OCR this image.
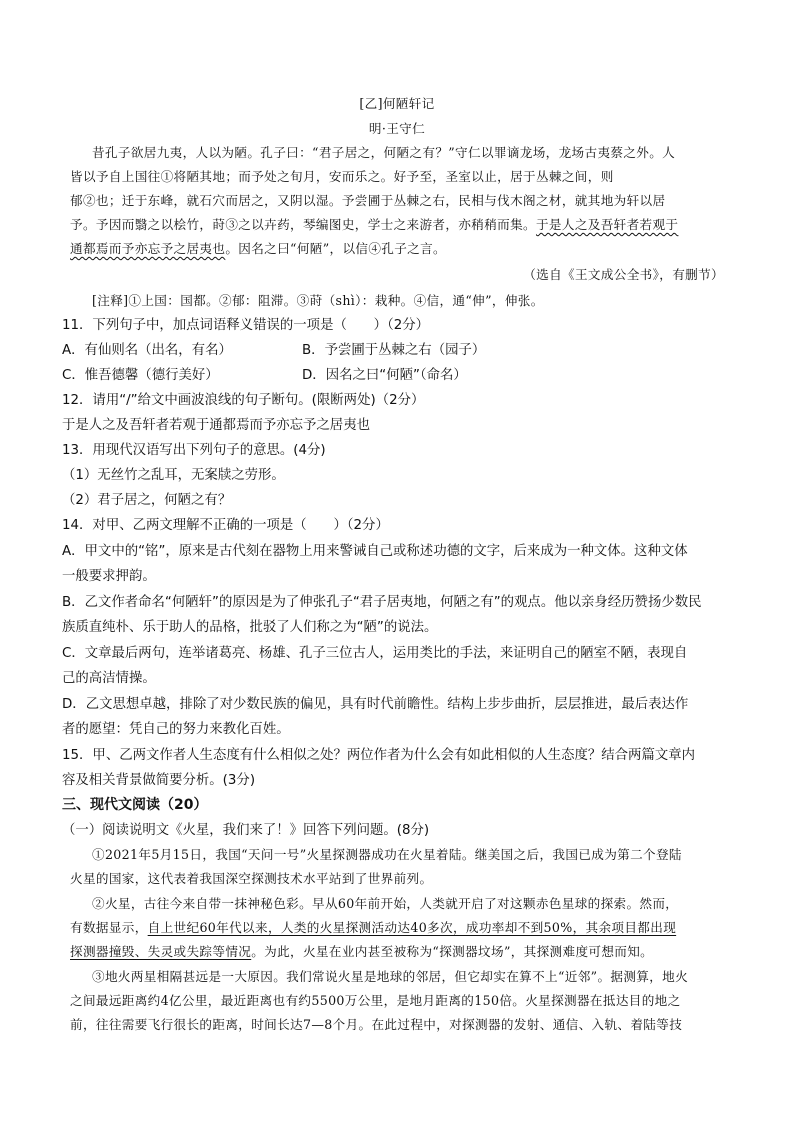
[乙]何陋轩记
明·王守仁
昔孔子欲居九夷，人以为陋。孔子曰：“君子居之，何陋之有？”守仁以罪谪龙场，龙场古夷蔡之外。人
皆以予自上国往①将陋其地；而予处之旬月，安而乐之。好予至，圣室以止，居于丛棘之间，则
郁②也；迁于东峰，就石穴而居之，又阴以湿。予尝圃于丛棘之右，民相与伐木阁之材，就其地为轩以居
予。予因而翳之以桧竹，莳③之以卉药，琴编图史，学士之来游者，亦稍稍而集。于是人之及吾轩者若观于
通都焉而予亦忘予之居夷也。因名之曰“何陋”，以信④孔子之言。
（选自《王文成公全书》，有删节）
[注释]①上国：国都。②郁：阻滞。③莳（shì）：栽种。④信，通“伸”，伸张。
11．下列句子中，加点词语释义错误的一项是（　　）（2分）
A．有仙则名（出名，有名）	B．予尝圃于丛棘之右（园子）
C．惟吾德馨（德行美好）	D．因名之曰“何陋”（命名）
12．请用“/”给文中画波浪线的句子断句。(限断两处)（2分）
于是人之及吾轩者若观于通都焉而予亦忘予之居夷也
13．用现代汉语写出下列句子的意思。(4分)
（1）无丝竹之乱耳，无案牍之劳形。
（2）君子居之，何陋之有？
14．对甲、乙两文理解不正确的一项是（　　）（2分）
A．甲文中的“铭”，原来是古代刻在器物上用来警诫自己或称述功德的文字，后来成为一种文体。这种文体
一般要求押韵。
B．乙文作者命名“何陋轩”的原因是为了伸张孔子“君子居夷地，何陋之有”的观点。他以亲身经历赞扬少数民
族质直纯朴、乐于助人的品格，批驳了人们称之为“陋”的说法。
C．文章最后两句，连举诸葛亮、杨雄、孔子三位古人，运用类比的手法，来证明自己的陋室不陋，表现自
己的高洁情操。
D．乙文思想卓越，排除了对少数民族的偏见，具有时代前瞻性。结构上步步曲折，层层推进，最后表达作
者的愿望：凭自己的努力来教化百姓。
15．甲、乙两文作者人生态度有什么相似之处？两位作者为什么会有如此相似的人生态度？结合两篇文章内
容及相关背景做简要分析。(3分)
三、现代文阅读（20）
（一）阅读说明文《火星，我们来了！》回答下列问题。(8分)
①2021年5月15日，我国“天问一号”火星探测器成功在火星着陆。继美国之后，我国已成为第二个登陆
火星的国家，这代表着我国深空探测技术水平站到了世界前列。
②火星，古往今来自带一抹神秘色彩。早从60年前开始，人类就开启了对这颗赤色星球的探索。然而，
有数据显示，自上世纪60年代以来，人类的火星探测活动达40多次，成功率却不到50%，其余项目都出现
探测器撞毁、失灵或失踪等情况。为此，火星在业内甚至被称为“探测器坟场”，其探测难度可想而知。
③地火两星相隔甚远是一大原因。我们常说火星是地球的邻居，但它却实在算不上“近邻”。据测算，地火
之间最远距离约4亿公里，最近距离也有约5500万公里，是地月距离的150倍。火星探测器在抵达目的地之
前，往往需要飞行很长的距离，时间长达7—8个月。在此过程中，对探测器的发射、通信、入轨、着陆等技
